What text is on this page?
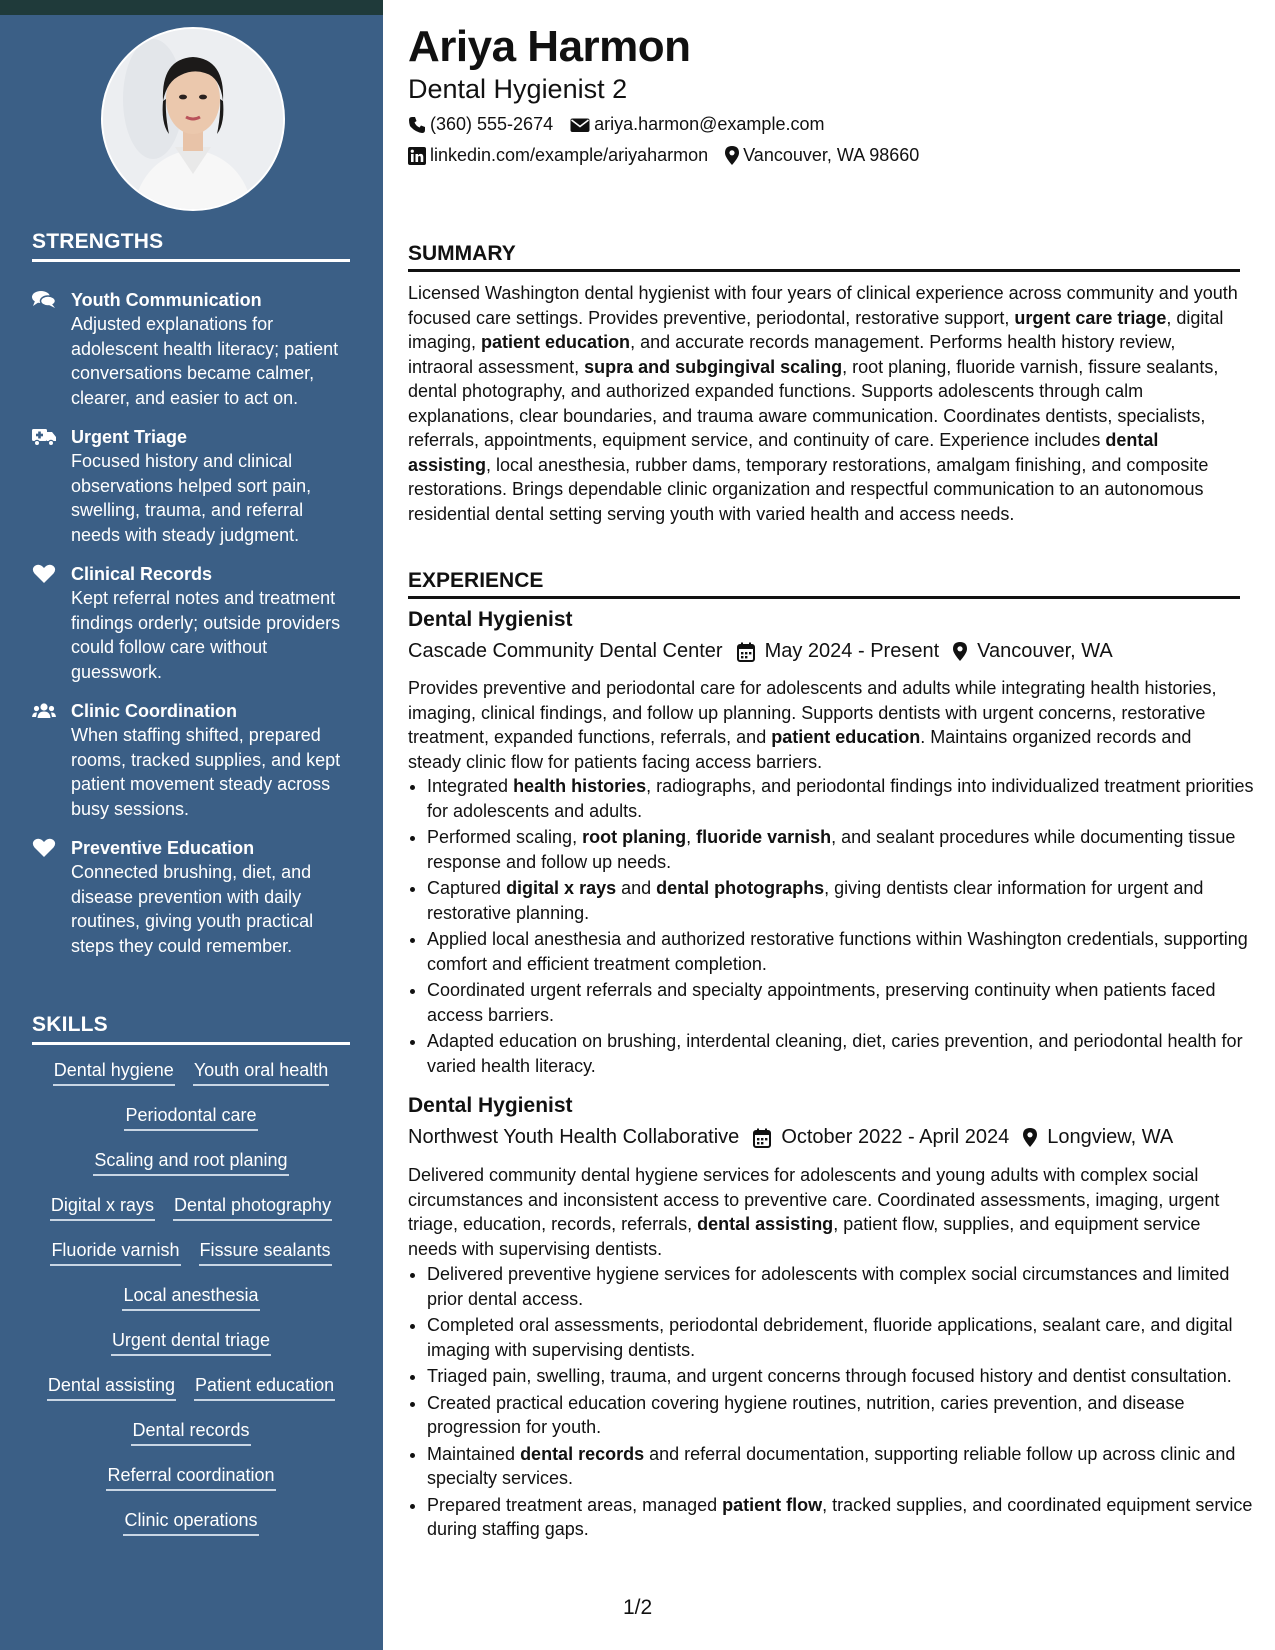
STRENGTHS
Youth Communication
Adjusted explanations for adolescent health literacy; patient conversations became calmer, clearer, and easier to act on.
Urgent Triage
Focused history and clinical observations helped sort pain, swelling, trauma, and referral needs with steady judgment.
Clinical Records
Kept referral notes and treatment findings orderly; outside providers could follow care without guesswork.
Clinic Coordination
When staffing shifted, prepared rooms, tracked supplies, and kept patient movement steady across busy sessions.
Preventive Education
Connected brushing, diet, and disease prevention with daily routines, giving youth practical steps they could remember.
SKILLS
Dental hygiene Youth oral health
Periodontal care
Scaling and root planing
Digital x rays Dental photography
Fluoride varnish Fissure sealants
Local anesthesia
Urgent dental triage
Dental assisting Patient education
Dental records
Referral coordination
Clinic operations
Ariya Harmon
Dental Hygienist 2
(360) 555-2674 ariya.harmon@example.com
linkedin.com/example/ariyaharmon Vancouver, WA 98660
SUMMARY
Licensed Washington dental hygienist with four years of clinical experience across community and youth focused care settings. Provides preventive, periodontal, restorative support, urgent care triage, digital imaging, patient education, and accurate records management. Performs health history review, intraoral assessment, supra and subgingival scaling, root planing, fluoride varnish, fissure sealants, dental photography, and authorized expanded functions. Supports adolescents through calm explanations, clear boundaries, and trauma aware communication. Coordinates dentists, specialists, referrals, appointments, equipment service, and continuity of care. Experience includes dental assisting, local anesthesia, rubber dams, temporary restorations, amalgam finishing, and composite restorations. Brings dependable clinic organization and respectful communication to an autonomous residential dental setting serving youth with varied health and access needs.
EXPERIENCE
Dental Hygienist
Cascade Community Dental Center May 2024 - Present Vancouver, WA
Provides preventive and periodontal care for adolescents and adults while integrating health histories, imaging, clinical findings, and follow up planning. Supports dentists with urgent concerns, restorative treatment, expanded functions, referrals, and patient education. Maintains organized records and steady clinic flow for patients facing access barriers.
• Integrated health histories, radiographs, and periodontal findings into individualized treatment priorities for adolescents and adults.
• Performed scaling, root planing, fluoride varnish, and sealant procedures while documenting tissue response and follow up needs.
• Captured digital x rays and dental photographs, giving dentists clear information for urgent and restorative planning.
• Applied local anesthesia and authorized restorative functions within Washington credentials, supporting comfort and efficient treatment completion.
• Coordinated urgent referrals and specialty appointments, preserving continuity when patients faced access barriers.
• Adapted education on brushing, interdental cleaning, diet, caries prevention, and periodontal health for varied health literacy.
Dental Hygienist
Northwest Youth Health Collaborative October 2022 - April 2024 Longview, WA
Delivered community dental hygiene services for adolescents and young adults with complex social circumstances and inconsistent access to preventive care. Coordinated assessments, imaging, urgent triage, education, records, referrals, dental assisting, patient flow, supplies, and equipment service needs with supervising dentists.
• Delivered preventive hygiene services for adolescents with complex social circumstances and limited prior dental access.
• Completed oral assessments, periodontal debridement, fluoride applications, sealant care, and digital imaging with supervising dentists.
• Triaged pain, swelling, trauma, and urgent concerns through focused history and dentist consultation.
• Created practical education covering hygiene routines, nutrition, caries prevention, and disease progression for youth.
• Maintained dental records and referral documentation, supporting reliable follow up across clinic and specialty services.
• Prepared treatment areas, managed patient flow, tracked supplies, and coordinated equipment service during staffing gaps.
1/2
